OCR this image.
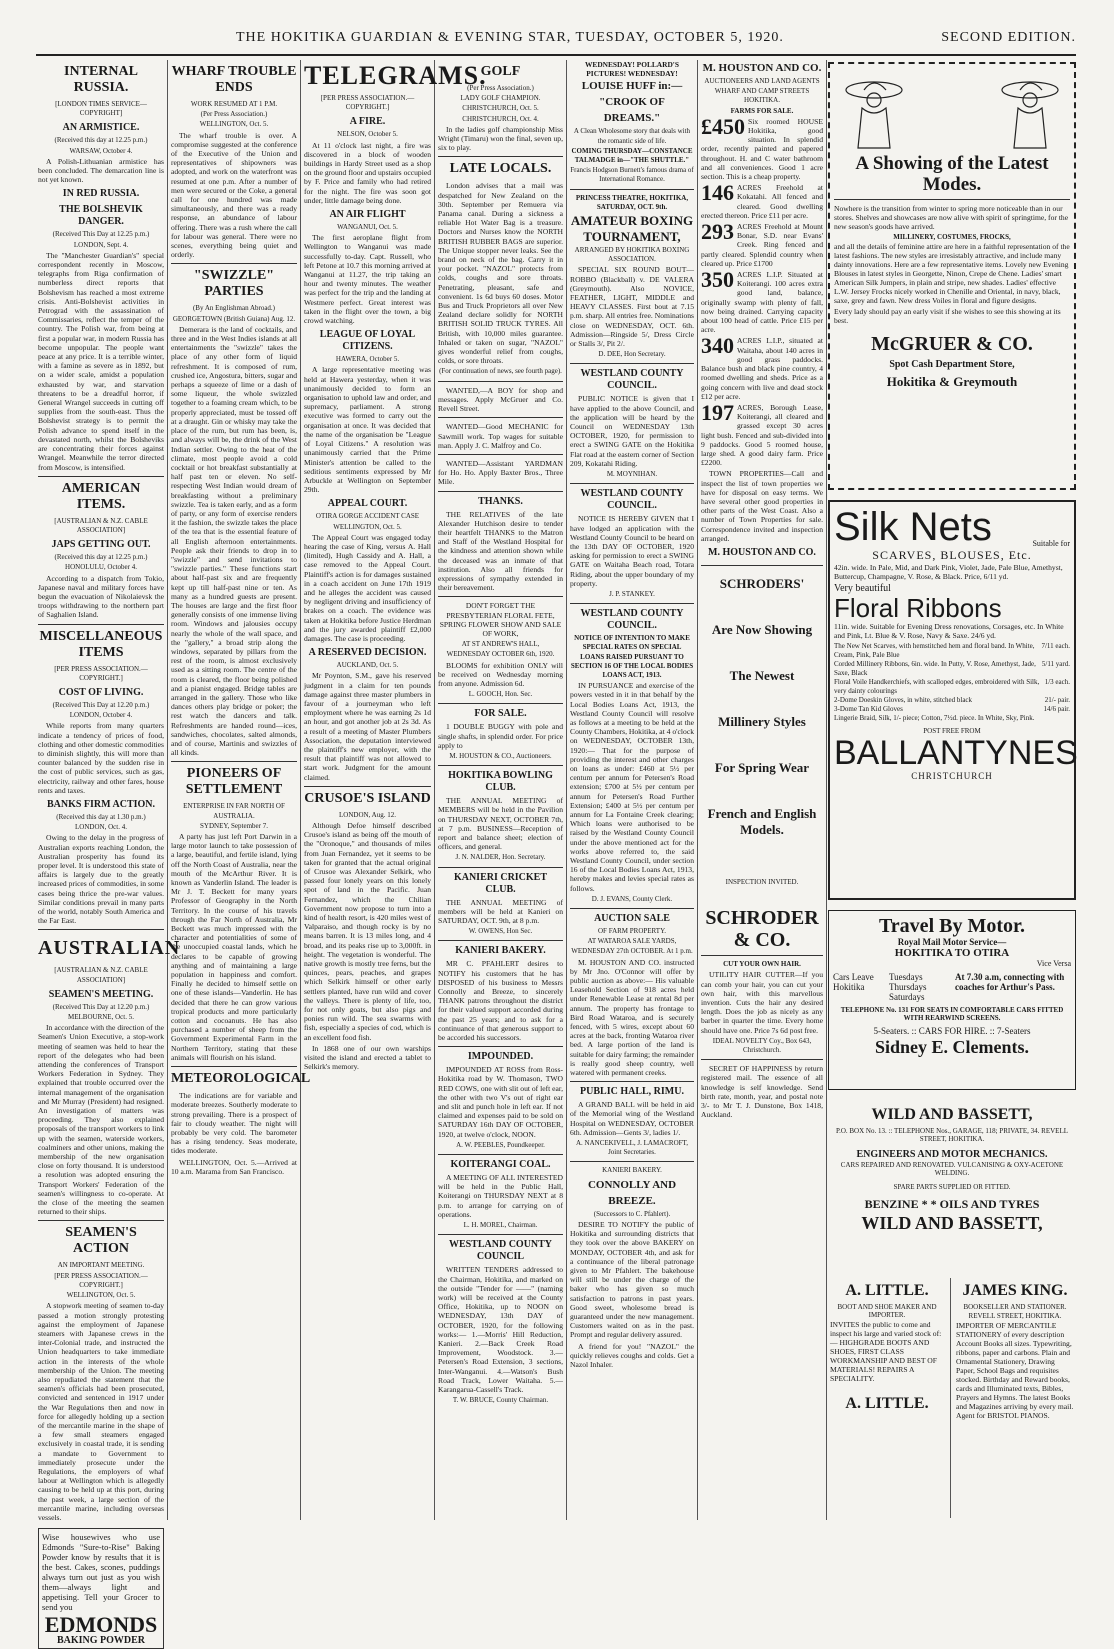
THE HOKITIKA GUARDIAN & EVENING STAR, TUESDAY, OCTOBER 5, 1920.	SECOND EDITION.
INTERNAL RUSSIA.
[LONDON TIMES SERVICE—COPYRIGHT]
AN ARMISTICE.
(Received this day at 12.25 p.m.)
WARSAW, October 4.

A Polish-Lithuanian armistice has been concluded. The demarcation line is not yet known.

IN RED RUSSIA.
THE BOLSHEVIK DANGER.
(Received This Day at 12.25 p.m.)
LONDON, Sept. 4.

The "Manchester Guardian's" special correspondent recently in Moscow, telegraphs from Riga confirmation of numberless direct reports that Bolshevism has reached a most extreme crisis. Anti-Bolshevist activities in Petrograd with the assassination of Commissaries, reflect the temper of the country. The Polish war, from being at first a popular war, in modern Russia has become unpopular. The people want peace at any price. It is a terrible winter, with a famine as severe as in 1892, but on a wider scale, amidst a population exhausted by war, and starvation threatens to be a dreadful horror, if General Wrangel succeeds in cutting off supplies from the south-east. Thus the Bolshevist strategy is to permit the Polish advance to spend itself in the devastated north, whilst the Bolsheviks are concentrating their forces against Wrangel. Meanwhile the terror directed from Moscow, is intensified.

AMERICAN ITEMS.
[AUSTRALIAN & N.Z. CABLE ASSOCIATION]
JAPS GETTING OUT.
(Received this day at 12.25 p.m.)
HONOLULU, October 4.

According to a dispatch from Tokio, Japanese naval and military forces have begun the evacuation of Nikolaievsk the troops withdrawing to the northern part of Saghalien Island.

MISCELLANEOUS ITEMS
[PER PRESS ASSOCIATION.—COPYRIGHT.]
COST OF LIVING.
(Received This Day at 12.20 p.m.)
LONDON, October 4.

While reports from many quarters indicate a tendency of prices of food, clothing and other domestic commodities to diminish slightly, this will more than counter balanced by the sudden rise in the cost of public services, such as gas, electricity, railway and other fares, house rents and taxes.

BANKS FIRM ACTION.
(Received this day at 1.30 p.m.)
LONDON, Oct. 4.

Owing to the delay in the progress of Australian exports reaching London, the Australian prosperity has found its proper level. It is understood this state of affairs is largely due to the greatly increased prices of commodities, in some cases being thrice the pre-war values. Similar conditions prevail in many parts of the world, notably South America and the Far East.

AUSTRALIAN
[AUSTRALIAN & N.Z. CABLE ASSOCIATION]
SEAMEN'S MEETING.
(Received This Day at 12.20 p.m.)
MELBOURNE, Oct. 5.

In accordance with the direction of the Seamen's Union Executive, a stop-work meeting of seamen was held to hear the report of the delegates who had been attending the conferences of Transport Workers Federation in Sydney. They explained that trouble occurred over the internal management of the organisation and Mr Murray (President) had resigned. An investigation of matters was proceeding. They also explained proposals of the transport workers to link up with the seamen, waterside workers, coalminers and other unions, making the membership of the new organisation close on forty thousand. It is understood a resolution was adopted ensuring the Transport Workers' Federation of the seamen's willingness to co-operate. At the close of the meeting the seamen returned to their ships.

SEAMEN'S ACTION
AN IMPORTANT MEETING.
[PER PRESS ASSOCIATION.—COPYRIGHT.]
WELLINGTON, Oct. 5.

A stopwork meeting of seamen to-day passed a motion strongly protesting against the employment of Japanese steamers with Japanese crews in the inter-Colonial trade, and instructed the Union headquarters to take immediate action in the interests of the whole membership of the Union. The meeting also repudiated the statement that the seamen's officials had been prosecuted, convicted and sentenced in 1917 under the War Regulations then and now in force for allegedly holding up a section of the mercantile marine in the shape of a few small steamers engaged exclusively in coastal trade, it is sending a mandate to Government to immediately prosecute under the Regulations, the employers of whaf labour at Wellington which is allegedly causing to be held up at this port, during the past week, a large section of the mercantile marine, including overseas vessels.

Wise housewives who use Edmonds "Sure-to-Rise" Baking Powder know by results that it is the best. Cakes, scones, puddings always turn out just as you wish them—always light and appetising. Tell your Grocer to send you

EDMONDS
BAKING POWDER
WHARF TROUBLE ENDS
WORK RESUMED AT 1 P.M.
(Per Press Association.)
WELLINGTON, Oct. 5.

The wharf trouble is over. A compromise suggested at the conference of the Executive of the Union and representatives of shipowners was adopted, and work on the waterfront was resumed at one p.m. After a number of men were secured or the Coke, a general call for one hundred was made simultaneously, and there was a ready response, an abundance of labour offering. There was a rush where the call for labour was general. There were no scenes, everything being quiet and orderly.

"SWIZZLE" PARTIES
(By An Englishman Abroad.)
GEORGETOWN (British Guiana) Aug. 12.

Demerara is the land of cocktails, and three and in the West Indies islands at all entertainments the "swizzle" takes the place of any other form of liquid refreshment. It is composed of rum, crushed ice, Angostura, bitters, sugar and perhaps a squeeze of lime or a dash of some liqueur, the whole swizzled together to a foaming cream which, to be properly appreciated, must be tossed off at a draught. Gin or whisky may take the place of the rum, but rum has been, is, and always will be, the drink of the West Indian settler. Owing to the heat of the climate, most people avoid a cold cocktail or hot breakfast substantially at half past ten or eleven. No self-respecting West Indian would dream of breakfasting without a preliminary swizzle. Tea is taken early, and as a form of party, or any form of exercise renders it the fashion, the swizzle takes the place of the tea that is the essential feature of all English afternoon entertainments. People ask their friends to drop in to "swizzle" and send invitations to "swizzle parties." These functions start about half-past six and are frequently kept up till half-past nine or ten. As many as a hundred guests are present. The houses are large and the first floor generally consists of one immense living room. Windows and jalousies occupy nearly the whole of the wall space, and the "gallery," a broad strip along the windows, separated by pillars from the rest of the room, is almost exclusively used as a sitting room. The centre of the room is cleared, the floor being polished and a pianist engaged. Bridge tables are arranged in the gallery. Those who like dances others play bridge or poker; the rest watch the dancers and talk. Refreshments are handed round—ices, sandwiches, chocolates, salted almonds, and of course, Martinis and swizzles of all kinds.

PIONEERS OF SETTLEMENT
ENTERPRISE IN FAR NORTH OF AUSTRALIA.
SYDNEY, September 7.

A party has just left Port Darwin in a large motor launch to take possession of a large, beautiful, and fertile island, lying off the North Coast of Australia, near the mouth of the McArthur River. It is known as Vanderlin Island. The leader is Mr J. T. Beckett for many years Professor of Geography in the North Territory. In the course of his travels through the Far North of Australia, Mr Beckett was much impressed with the character and potentialities of some of the unoccupied coastal lands, which he declares to be capable of growing anything and of maintaining a large population in happiness and comfort. Finally he decided to himself settle on one of these islands—Vanderlin. He has decided that there he can grow various tropical products and more particularly cotton and cocoanuts. He has also purchased a number of sheep from the Government Experimental Farm in the Northern Territory, stating that these animals will flourish on his island.

METEOROLOGICAL

The indications are for variable and moderate breezes. Southerly moderate to strong prevailing. There is a prospect of fair to cloudy weather. The night will probably be very cold. The barometer has a rising tendency. Seas moderate, tides moderate.

WELLINGTON, Oct. 5.—Arrived at 10 a.m. Marama from San Francisco.

TELEGRAMS.
[PER PRESS ASSOCIATION.—COPYRIGHT.]
A FIRE.
NELSON, October 5.

At 11 o'clock last night, a fire was discovered in a block of wooden buildings in Hardy Street used as a shop on the ground floor and upstairs occupied by F. Price and family who had retired for the night. The fire was soon got under, little damage being done.

AN AIR FLIGHT
WANGANUI, Oct. 5.

The first aeroplane flight from Wellington to Wanganui was made successfully to-day. Capt. Russell, who left Petone at 10.7 this morning arrived at Wanganui at 11.27, the trip taking an hour and twenty minutes. The weather was perfect for the trip and the landing at Westmere perfect. Great interest was taken in the flight over the town, a big crowd watching.

LEAGUE OF LOYAL CITIZENS.
HAWERA, October 5.

A large representative meeting was held at Hawera yesterday, when it was unanimously decided to form an organisation to uphold law and order, and supremacy, parliament. A strong executive was formed to carry out the organisation at once. It was decided that the name of the organisation be "League of Loyal Citizens." A resolution was unanimously carried that the Prime Minister's attention be called to the seditious sentiments expressed by Mr Arbuckle at Wellington on September 29th.

APPEAL COURT.
OTIRA GORGE ACCIDENT CASE
WELLINGTON, Oct. 5.

The Appeal Court was engaged today hearing the case of King, versus A. Hall (limited), Hugh Cassidy and A. Hall, a case removed to the Appeal Court. Plaintiff's action is for damages sustained in a coach accident on June 17th 1919 and he alleges the accident was caused by negligent driving and insufficiency of brakes on a coach. The evidence was taken at Hokitika before Justice Herdman and the jury awarded plaintiff £2,000 damages. The case is proceeding.

A RESERVED DECISION.
AUCKLAND, Oct. 5.

Mr Poynton, S.M., gave his reserved judgment in a claim for ten pounds damage against three master plumbers in favour of a journeyman who left employment where he was earning 2s 1d an hour, and got another job at 2s 3d. As a result of a meeting of Master Plumbers Association, the deputation interviewed the plaintiff's new employer, with the result that plaintiff was not allowed to start work. Judgment for the amount claimed.

CRUSOE'S ISLAND
LONDON, Aug. 12.

Although Defoe himself described Crusoe's island as being off the mouth of the "Oronoque," and thousands of miles from Juan Fernandez, yet it seems to be taken for granted that the actual original of Crusoe was Alexander Selkirk, who passed four lonely years on this lonely spot of land in the Pacific. Juan Fernandez, which the Chilian Government now propose to turn into a kind of health resort, is 420 miles west of Valparaiso, and though rocky is by no means barren. It is 13 miles long, and 4 broad, and its peaks rise up to 3,000ft. in height. The vegetation is wonderful. The native growth is mostly tree ferns, but the quinces, pears, peaches, and grapes which Selkirk himself or other early settlers planted, have run wild and cover the valleys. There is plenty of life, too, for not only goats, but also pigs and ponies run wild. The sea swarms with fish, especially a species of cod, which is an excellent food fish.

In 1868 one of our own warships visited the island and erected a tablet to Selkirk's memory.

GOLF
(Per Press Association.)
LADY GOLF CHAMPION.
CHRISTCHURCH, Oct. 5.
CHRISTCHURCH, Oct. 4.

In the ladies golf championship Miss Wright (Timaru) won the final, seven up, six to play.

LATE LOCALS.

London advises that a mail was despatched for New Zealand on the 30th. September per Remuera via Panama canal. During a sickness a reliable Hot Water Bag is a treasure. Doctors and Nurses know the NORTH BRITISH RUBBER BAGS are superior. The Unique stopper never leaks. See the brand on neck of the bag. Carry it in your pocket. "NAZOL" protects from colds, coughs and sore throats. Penetrating, pleasant, safe and convenient. 1s 6d buys 60 doses. Motor Bus and Truck Proprietors all over New Zealand declare solidly for NORTH BRITISH SOLID TRUCK TYRES. All British, with 10,000 miles guarantee. Inhaled or taken on sugar, "NAZOL" gives wonderful relief from coughs, colds, or sore throats.

(For continuation of news, see fourth page).

WANTED,—A BOY for shop and messages. Apply McGruer and Co. Revell Street.

WANTED—Good MECHANIC for Sawmill work. Top wages for suitable man. Apply J. C. Malfroy and Co.

WANTED—Assistant YARDMAN for Ho. Ho. Apply Baxter Bros., Three Mile.

THANKS.

THE RELATIVES of the late Alexander Hutchison desire to tender their heartfelt THANKS to the Matron and Staff of the Westland Hospital for the kindness and attention shown while the deceased was an inmate of that institution. Also all friends for expressions of sympathy extended in their bereavement.

DON'T FORGET THE PRESBYTERIAN FLORAL FETE, SPRING FLOWER SHOW AND SALE OF WORK,
AT ST ANDREW'S HALL,
WEDNESDAY OCTOBER 6th, 1920.

BLOOMS for exhibition ONLY will be received on Wednesday morning from anyone. Admission 6d.

L. GOOCH, Hon. Sec.
FOR SALE.

1 DOUBLE BUGGY with pole and single shafts, in splendid order. For price apply to

M. HOUSTON & CO., Auctioneers.
HOKITIKA BOWLING CLUB.

THE ANNUAL MEETING of MEMBERS will be held in the Pavilion on THURSDAY NEXT, OCTOBER 7th, at 7 p.m. BUSINESS—Reception of report and balance sheet; election of officers, and general.

J. N. NALDER, Hon. Secretary.
KANIERI CRICKET CLUB.

THE ANNUAL MEETING of members will be held at Kanieri on SATURDAY, OCT. 9th, at 8 p.m.

W. OWENS, Hon Sec.
KANIERI BAKERY.

MR C. PFAHLERT desires to NOTIFY his customers that he has DISPOSED of his business to Messrs Connolly and Breeze, to sincerely THANK patrons throughout the district for their valued support accorded during the past 25 years; and to ask for a continuance of that generous support to be accorded his successors.

IMPOUNDED.

IMPOUNDED AT ROSS from Ross-Hokitika road by W. Thomason, TWO RED COWS, one with slit out of left ear, the other with two V's out of right ear and slit and punch hole in left ear. If not claimed and expenses paid to be sold on SATURDAY 16th DAY OF OCTOBER, 1920, at twelve o'clock, NOON.

A. W. PEEBLES, Poundkeeper.
KOITERANGI COAL.

A MEETING OF ALL INTERESTED will be held in the Public Hall, Koiterangi on THURSDAY NEXT at 8 p.m. to arrange for carrying on of operations.

L. H. MOREL, Chairman.
WESTLAND COUNTY COUNCIL

WRITTEN TENDERS addressed to the Chairman, Hokitika, and marked on the outside "Tender for ——" (naming work) will be received at the County Office, Hokitika, up to NOON on WEDNESDAY, 13th DAY of OCTOBER, 1920, for the following works:— 1.—Morris' Hill Reduction, Kanieri. 2.—Back Creek Road Improvement, Woodstock. 3.—Petersen's Road Extension, 3 sections, Inter-Wanganui. 4.—Watson's Bush Road Track, Lower Waitaha. 5.—Karangarua-Cassell's Track.

T. W. BRUCE, County Chairman.
WEDNESDAY! POLLARD'S PICTURES! WEDNESDAY!
LOUISE HUFF in:— "CROOK OF DREAMS."
A Clean Wholesome story that deals with the romantic side of life.
COMING THURSDAY—CONSTANCE TALMADGE in—"THE SHUTTLE."
Francis Hodgson Burnett's famous drama of International Romance.
PRINCESS THEATRE, HOKITIKA, SATURDAY, OCT. 9th.
AMATEUR BOXING TOURNAMENT,
ARRANGED BY HOKITIKA BOXING ASSOCIATION.

SPECIAL SIX ROUND BOUT—ROBBO (Blackball) v. DE VALERA (Greymouth). Also NOVICE, FEATHER, LIGHT, MIDDLE and HEAVY CLASSES. First bout at 7.15 p.m. sharp. All entries free. Nominations close on WEDNESDAY, OCT. 6th. Admission—Ringside 5/, Dress Circle or Stalls 3/, Pit 2/.

D. DEE, Hon Secretary.
WESTLAND COUNTY COUNCIL.

PUBLIC NOTICE is given that I have applied to the above Council, and the application will be heard by the Council on WEDNESDAY 13th OCTOBER, 1920, for permission to erect a SWING GATE on the Hokitika Flat road at the eastern corner of Section 209, Kokatahi Riding.

M. MOYNIHAN.
WESTLAND COUNTY COUNCIL.

NOTICE IS HEREBY GIVEN that I have lodged an application with the Westland County Council to be heard on the 13th DAY OF OCTOBER, 1920 asking for permission to erect a SWING GATE on Waitaha Beach road, Totara Riding, about the upper boundary of my property.

J. P. STANKEY.
WESTLAND COUNTY COUNCIL.
NOTICE OF INTENTION TO MAKE SPECIAL RATES ON SPECIAL LOANS RAISED PURSUANT TO SECTION 16 OF THE LOCAL BODIES LOANS ACT, 1913.

IN PURSUANCE and exercise of the powers vested in it in that behalf by the Local Bodies Loans Act, 1913, the Westland County Council will resolve as follows at a meeting to be held at the County Chambers, Hokitika, at 4 o'clock on WEDNESDAY, OCTOBER 13th, 1920:— That for the purpose of providing the interest and other charges on loans as under: £460 at 5½ per centum per annum for Petersen's Road extension; £700 at 5½ per centum per annum for Petersen's Road Further Extension; £400 at 5½ per centum per annum for La Fontaine Creek clearing; Which loans were authorised to be raised by the Westland County Council under the above mentioned act for the works above referred to, the said Westland County Council, under section 16 of the Local Bodies Loans Act, 1913, hereby makes and levies special rates as follows.

D. J. EVANS, County Clerk.
AUCTION SALE
OF FARM PROPERTY.
AT WATAROA SALE YARDS,
WEDNESDAY 27th OCTOBER. At 1 p.m.

M. HOUSTON AND CO. instructed by Mr Jno. O'Connor will offer by public auction as above:— His valuable Leasehold Section of 918 acres held under Renewable Lease at rental 8d per annum. The property has frontage to Bird Road Wataroa, and is securely fenced, with 5 wires, except about 60 acres at the back, fronting Wataroa river bed. A large portion of the land is suitable for dairy farming; the remainder is really good sheep country, well watered with permanent creeks.

PUBLIC HALL, RIMU.

A GRAND BALL will be held in aid of the Memorial wing of the Westland Hospital on WEDNESDAY, OCTOBER 6th. Admission—Gents 3/, ladies 1/.

A. NANCEKIVELL, J. LAMACROFT, Joint Secretaries.
KANIERI BAKERY.
CONNOLLY AND BREEZE.
(Successors to C. Pfahlert).

DESIRE TO NOTIFY the public of Hokitika and surrounding districts that they took over the above BAKERY on MONDAY, OCTOBER 4th, and ask for a continuance of the liberal patronage given to Mr Pfahlert. The bakehouse will still be under the charge of the baker who has given so much satisfaction to patrons in past years. Good sweet, wholesome bread is guaranteed under the new management. Customers waited on as in the past. Prompt and regular delivery assured.

A friend for you! "NAZOL" the quickly relieves coughs and colds. Get a Nazol Inhaler.

M. HOUSTON AND CO.
AUCTIONEERS AND LAND AGENTS
WHARF AND CAMP STREETS HOKITIKA.
FARMS FOR SALE.

£450 Six roomed HOUSE Hokitika, good situation. In splendid order, recently painted and papered throughout. H. and C water bathroom and all conveniences. Good 1 acre section. This is a cheap property.

146 ACRES Freehold at Kokatahi. All fenced and cleared. Good dwelling erected thereon. Price £11 per acre.

293 ACRES Freehold at Mount Bonar, S.D. near Evans' Creek. Ring fenced and partly cleared. Splendid country when cleared up. Price £1700

350 ACRES L.I.P. Situated at Koiterangi. 100 acres extra good land, balance, originally swamp with plenty of fall, now being drained. Carrying capacity about 100 head of cattle. Price £15 per acre.

340 ACRES L.I.P., situated at Waitaha, about 140 acres in good grass paddocks. Balance bush and black pine country, 4 roomed dwelling and sheds. Price as a going concern with live and dead stock £12 per acre.

197 ACRES, Borough Lease, Koiterangi, all cleared and grassed except 30 acres light bush. Fenced and sub-divided into 9 paddocks. Good 5 roomed house, large shed. A good dairy farm. Price £2200.

TOWN PROPERTIES—Call and inspect the list of town properties we have for disposal on easy terms. We have several other good properties in other parts of the West Coast. Also a number of Town Properties for sale. Correspondence invited and inspection arranged.

M. HOUSTON AND CO.
SCHRODERS'
Are Now Showing
The Newest
Millinery Styles
For Spring Wear
French and English Models.
INSPECTION INVITED.
SCHRODER & CO.
CUT YOUR OWN HAIR.

UTILITY HAIR CUTTER—If you can comb your hair, you can cut your own hair, with this marvellous invention. Cuts the hair any desired length. Does the job as nicely as any barber in quarter the time. Every home should have one. Price 7s 6d post free.

IDEAL NOVELTY Coy., Box 643, Christchurch.

SECRET OF HAPPINESS by return registered mail. The essence of all knowledge is self knowledge. Send birth rate, month, year, and postal note 3/- to Mr T. J. Dunstone, Box 1418, Auckland.

A Showing of the Latest Modes.

Nowhere is the transition from winter to spring more noticeable than in our stores. Shelves and showcases are now alive with spirit of springtime, for the new season's goods have arrived.

MILLINERY, COSTUMES, FROCKS,

and all the details of feminine attire are here in a faithful representation of the latest fashions. The new styles are irresistably attractive, and include many dainty innovations. Here are a few representative items. Lovely new Evening Blouses in latest styles in Georgette, Ninon, Crepe de Chene. Ladies' smart American Silk Jumpers, in plain and stripe, new shades. Ladies' effective L.W. Jersey Frocks nicely worked in Chenille and Oriental, in navy, black, saxe, grey and fawn. New dress Voiles in floral and figure designs.

Every lady should pay an early visit if she wishes to see this showing at its best.

McGRUER & CO.
Spot Cash Department Store,
Hokitika & Greymouth
Silk Nets	Suitable for
SCARVES, BLOUSES, Etc.

42in. wide. In Pale, Mid, and Dark Pink, Violet, Jade, Pale Blue, Amethyst, Buttercup, Champagne, V. Rose, & Black. Price, 6/11 yd.

Very beautiful
Floral Ribbons

11in. wide. Suitable for Evening Dress renovations, Corsages, etc. In White and Pink, Lt. Blue & V. Rose, Navy & Saxe. 24/6 yd.

The New Net Scarves, with hemstitched hem and floral band. In White, Cream, Pink, Pale Blue
7/11 each.
Corded Millinery Ribbons, 6in. wide. In Putty, V. Rose, Amethyst, Jade, Saxe, Black
5/11 yard.
Floral Voile Handkerchiefs, with scalloped edges, embroidered with Silk, very dainty colourings
1/3 each.
2-Dome Doeskin Gloves, in white, stitched black	21/- pair.
3-Dome Tan Kid Gloves	14/6 pair.
Lingerie Braid, Silk, 1/- piece; Cotton, 7½d. piece. In White, Sky, Pink.
POST FREE FROM
BALLANTYNES
CHRISTCHURCH
Travel By Motor.
Royal Mail Motor Service—
HOKITIKA TO OTIRA
Vice Versa
Cars Leave Hokitika
Tuesdays Thursdays Saturdays
At 7.30 a.m, connecting with coaches for Arthur's Pass.
TELEPHONE No. 131 FOR SEATS IN COMFORTABLE CARS FITTED WITH REARWIND SCREENS.
5-Seaters. :: CARS FOR HIRE. :: 7-Seaters
Sidney E. Clements.
WILD AND BASSETT,
P.O. BOX No. 13. :: TELEPHONE Nos., GARAGE, 118; PRIVATE, 34. REVELL STREET, HOKITIKA.
ENGINEERS AND MOTOR MECHANICS.
CARS REPAIRED AND RENOVATED. VULCANISING & OXY-ACETONE WELDING.
SPARE PARTS SUPPLIED OR FITTED.
BENZINE * * OILS AND TYRES
WILD AND BASSETT,
A. LITTLE.
BOOT AND SHOE MAKER AND IMPORTER.

INVITES the public to come and inspect his large and varied stock of:— HIGHGRADE BOOTS AND SHOES, FIRST CLASS WORKMANSHIP AND BEST OF MATERIALS! REPAIRS A SPECIALITY.

A. LITTLE.
JAMES KING.
BOOKSELLER AND STATIONER.
REVELL STREET, HOKITIKA.

IMPORTER OF MERCANTILE STATIONERY of every description Account Books all sizes. Typewriting, ribbons, paper and carbons. Plain and Ornamental Stationery, Drawing Paper, School Bags and requisites stocked. Birthday and Reward books, cards and Illuminated texts, Bibles, Prayers and Hymns. The latest Books and Magazines arriving by every mail. Agent for BRISTOL PIANOS.
